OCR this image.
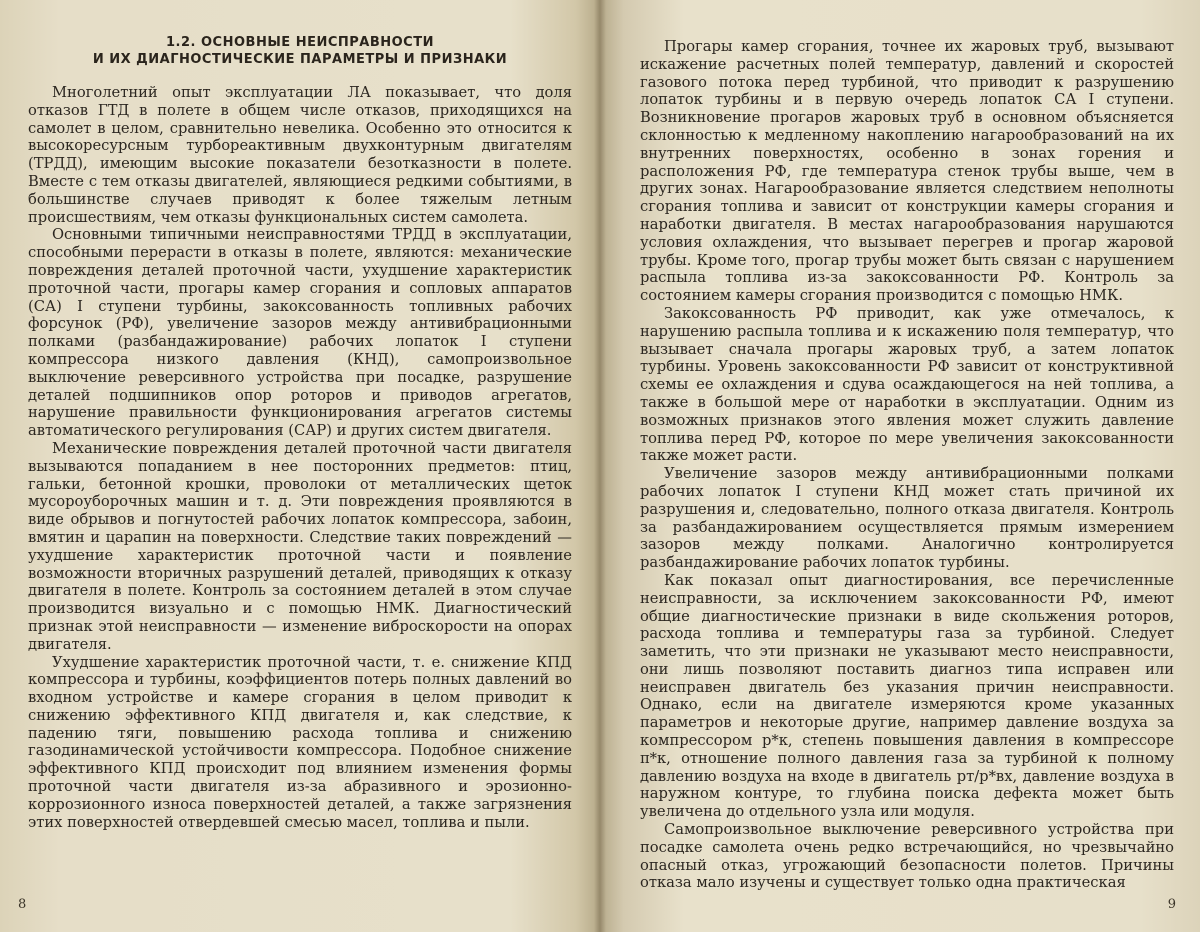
1.2. ОСНОВНЫЕ НЕИСПРАВНОСТИ
И ИХ ДИАГНОСТИЧЕСКИЕ ПАРАМЕТРЫ И ПРИЗНАКИ

Многолетний опыт эксплуатации ЛА показывает, что доля отказов ГТД в полете в общем числе отказов, приходящихся на самолет в целом, сравнительно невелика. Особенно это относится к высокоресурсным турбореактивным двухконтурным двигателям (ТРДД), имеющим высокие показатели безотказности в полете. Вместе с тем отказы двигателей, являющиеся редкими событиями, в большинстве случаев приводят к более тяжелым летным происшествиям, чем отказы функциональных систем самолета.

Основными типичными неисправностями ТРДД в эксплуатации, способными перерасти в отказы в полете, являются: механические повреждения деталей проточной части, ухудшение характеристик проточной части, прогары камер сгорания и сопловых аппаратов (СА) I ступени турбины, закоксованность топливных рабочих форсунок (РФ), увеличение зазоров между антивибрационными полками (разбандажирование) рабочих лопаток I ступени компрессора низкого давления (КНД), самопроизвольное выключение реверсивного устройства при посадке, разрушение деталей подшипников опор роторов и приводов агрегатов, нарушение правильности функционирования агрегатов системы автоматического регулирования (САР) и других систем двигателя.

Механические повреждения деталей проточной части двигателя вызываются попаданием в нее посторонних предметов: птиц, гальки, бетонной крошки, проволоки от металлических щеток мусороуборочных машин и т. д. Эти повреждения проявляются в виде обрывов и погнутостей рабочих лопаток компрессора, забоин, вмятин и царапин на поверхности. Следствие таких повреждений — ухудшение характеристик проточной части и появление возможности вторичных разрушений деталей, приводящих к отказу двигателя в полете. Контроль за состоянием деталей в этом случае производится визуально и с помощью НМК. Диагностический признак этой неисправности — изменение виброскорости на опорах двигателя.

Ухудшение характеристик проточной части, т. е. снижение КПД компрессора и турбины, коэффициентов потерь полных давлений во входном устройстве и камере сгорания в целом приводит к снижению эффективного КПД двигателя и, как следствие, к падению тяги, повышению расхода топлива и снижению газодинамической устойчивости компрессора. Подобное снижение эффективного КПД происходит под влиянием изменения формы проточной части двигателя из-за абразивного и эрозионно-коррозионного износа поверхностей деталей, а также загрязнения этих поверхностей отвердевшей смесью масел, топлива и пыли.

8

Прогары камер сгорания, точнее их жаровых труб, вызывают искажение расчетных полей температур, давлений и скоростей газового потока перед турбиной, что приводит к разрушению лопаток турбины и в первую очередь лопаток СА I ступени. Возникновение прогаров жаровых труб в основном объясняется склонностью к медленному накоплению нагарообразований на их внутренних поверхностях, особенно в зонах горения и расположения РФ, где температура стенок трубы выше, чем в других зонах. Нагарообразование является следствием неполноты сгорания топлива и зависит от конструкции камеры сгорания и наработки двигателя. В местах нагарообразования нарушаются условия охлаждения, что вызывает перегрев и прогар жаровой трубы. Кроме того, прогар трубы может быть связан с нарушением распыла топлива из-за закоксованности РФ. Контроль за состоянием камеры сгорания производится с помощью НМК.

Закоксованность РФ приводит, как уже отмечалось, к нарушению распыла топлива и к искажению поля температур, что вызывает сначала прогары жаровых труб, а затем лопаток турбины. Уровень закоксованности РФ зависит от конструктивной схемы ее охлаждения и сдува осаждающегося на ней топлива, а также в большой мере от наработки в эксплуатации. Одним из возможных признаков этого явления может служить давление топлива перед РФ, которое по мере увеличения закоксованности также может расти.

Увеличение зазоров между антивибрационными полками рабочих лопаток I ступени КНД может стать причиной их разрушения и, следовательно, полного отказа двигателя. Контроль за разбандажированием осуществляется прямым измерением зазоров между полками. Аналогично контролируется разбандажирование рабочих лопаток турбины.

Как показал опыт диагностирования, все перечисленные неисправности, за исключением закоксованности РФ, имеют общие диагностические признаки в виде скольжения роторов, расхода топлива и температуры газа за турбиной. Следует заметить, что эти признаки не указывают место неисправности, они лишь позволяют поставить диагноз типа исправен или неисправен двигатель без указания причин неисправности. Однако, если на двигателе измеряются кроме указанных параметров и некоторые другие, например давление воздуха за компрессором p*к, степень повышения давления в компрессоре π*к, отношение полного давления газа за турбиной к полному давлению воздуха на входе в двигатель pт/p*вх, давление воздуха в наружном контуре, то глубина поиска дефекта может быть увеличена до отдельного узла или модуля.

Самопроизвольное выключение реверсивного устройства при посадке самолета очень редко встречающийся, но чрезвычайно опасный отказ, угрожающий безопасности полетов. Причины отказа мало изучены и существует только одна практическая

9
